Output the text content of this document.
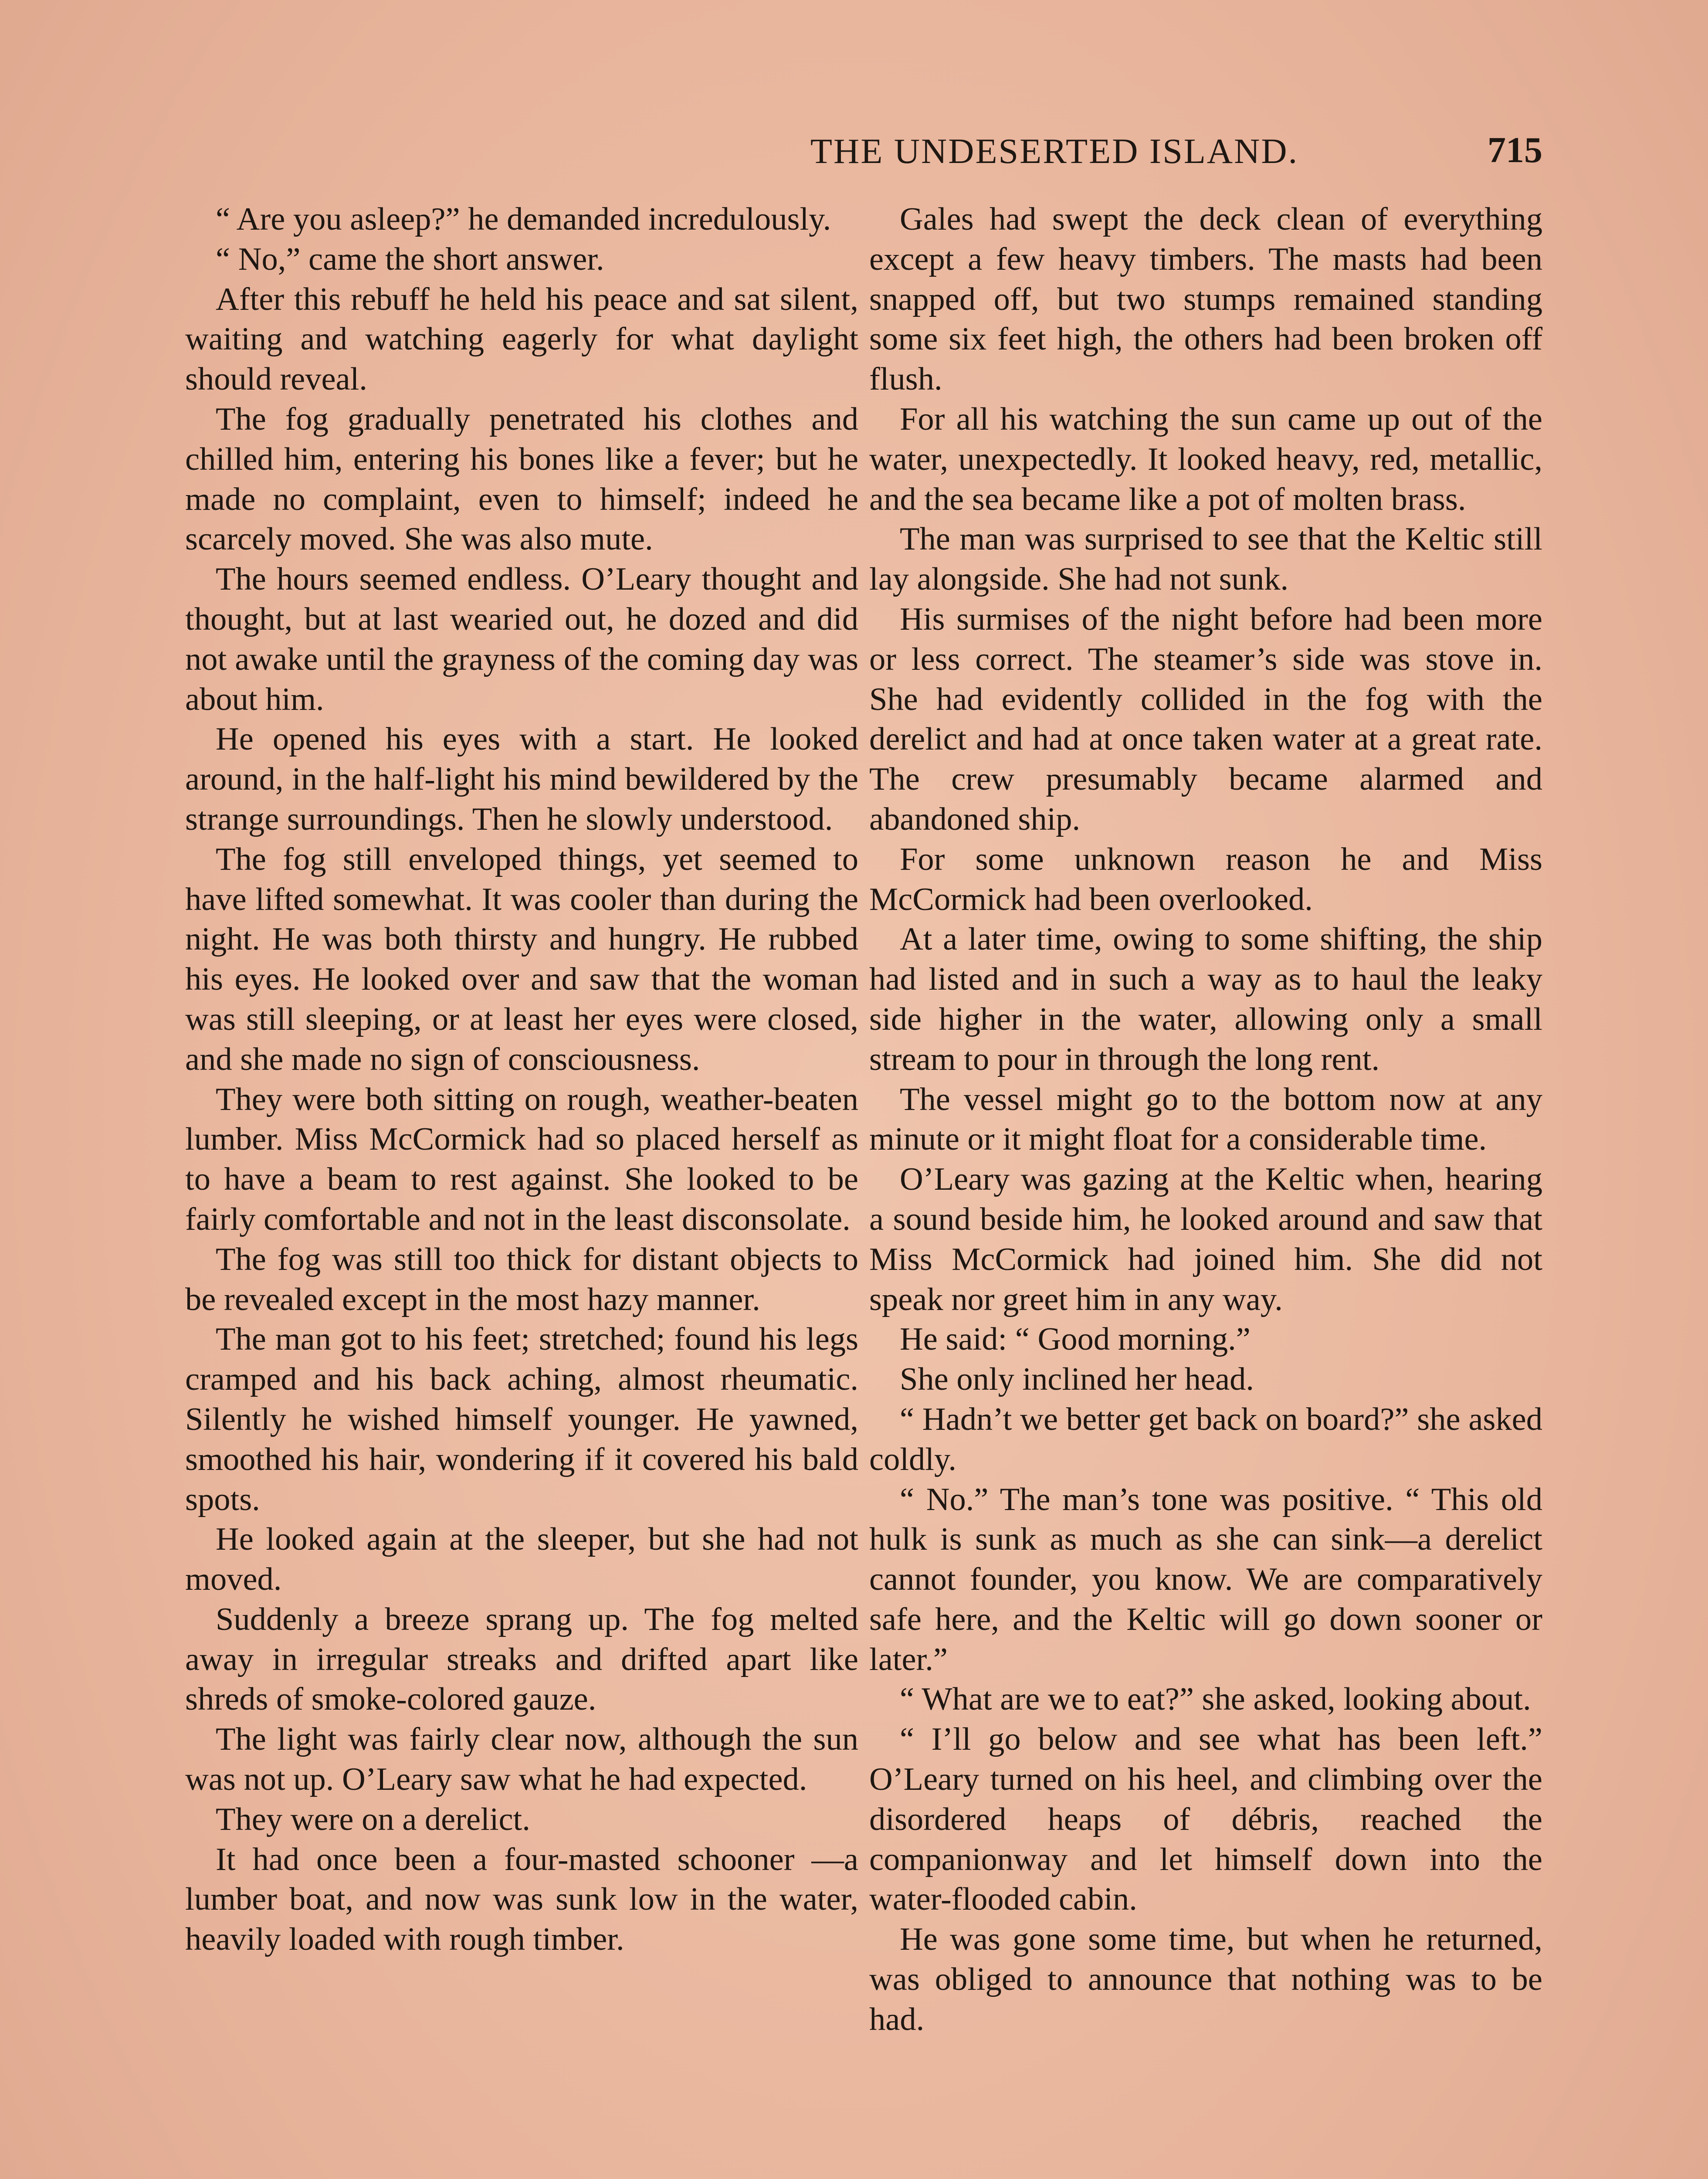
THE UNDESERTED ISLAND.	715

“ Are you asleep?” he demanded incredulously.

“ No,” came the short answer.

After this rebuff he held his peace and sat silent, waiting and watching eagerly for what daylight should reveal.

The fog gradually penetrated his clothes and chilled him, entering his bones like a fever; but he made no complaint, even to himself; indeed he scarcely moved. She was also mute.

The hours seemed endless. O’Leary thought and thought, but at last wearied out, he dozed and did not awake until the grayness of the coming day was about him.

He opened his eyes with a start. He looked around, in the half-light his mind bewildered by the strange surroundings. Then he slowly understood.

The fog still enveloped things, yet seemed to have lifted somewhat. It was cooler than during the night. He was both thirsty and hungry. He rubbed his eyes. He looked over and saw that the woman was still sleeping, or at least her eyes were closed, and she made no sign of consciousness.

They were both sitting on rough, weather-beaten lumber. Miss McCormick had so placed herself as to have a beam to rest against. She looked to be fairly comfortable and not in the least disconsolate.

The fog was still too thick for distant objects to be revealed except in the most hazy manner.

The man got to his feet; stretched; found his legs cramped and his back aching, almost rheumatic. Silently he wished himself younger. He yawned, smoothed his hair, wondering if it covered his bald spots.

He looked again at the sleeper, but she had not moved.

Suddenly a breeze sprang up. The fog melted away in irregular streaks and drifted apart like shreds of smoke-colored gauze.

The light was fairly clear now, although the sun was not up. O’Leary saw what he had expected.

They were on a derelict.

It had once been a four-masted schooner —a lumber boat, and now was sunk low in the water, heavily loaded with rough timber.

Gales had swept the deck clean of everything except a few heavy timbers. The masts had been snapped off, but two stumps remained standing some six feet high, the others had been broken off flush.

For all his watching the sun came up out of the water, unexpectedly. It looked heavy, red, metallic, and the sea became like a pot of molten brass.

The man was surprised to see that the Keltic still lay alongside. She had not sunk.

His surmises of the night before had been more or less correct. The steamer’s side was stove in. She had evidently collided in the fog with the derelict and had at once taken water at a great rate. The crew presumably became alarmed and abandoned ship.

For some unknown reason he and Miss McCormick had been overlooked.

At a later time, owing to some shifting, the ship had listed and in such a way as to haul the leaky side higher in the water, allowing only a small stream to pour in through the long rent.

The vessel might go to the bottom now at any minute or it might float for a considerable time.

O’Leary was gazing at the Keltic when, hearing a sound beside him, he looked around and saw that Miss McCormick had joined him. She did not speak nor greet him in any way.

He said: “ Good morning.”

She only inclined her head.

“ Hadn’t we better get back on board?” she asked coldly.

“ No.” The man’s tone was positive. “ This old hulk is sunk as much as she can sink—a derelict cannot founder, you know. We are comparatively safe here, and the Keltic will go down sooner or later.”

“ What are we to eat?” she asked, looking about.

“ I’ll go below and see what has been left.” O’Leary turned on his heel, and climbing over the disordered heaps of débris, reached the companionway and let himself down into the water-flooded cabin.

He was gone some time, but when he returned, was obliged to announce that nothing was to be had.
